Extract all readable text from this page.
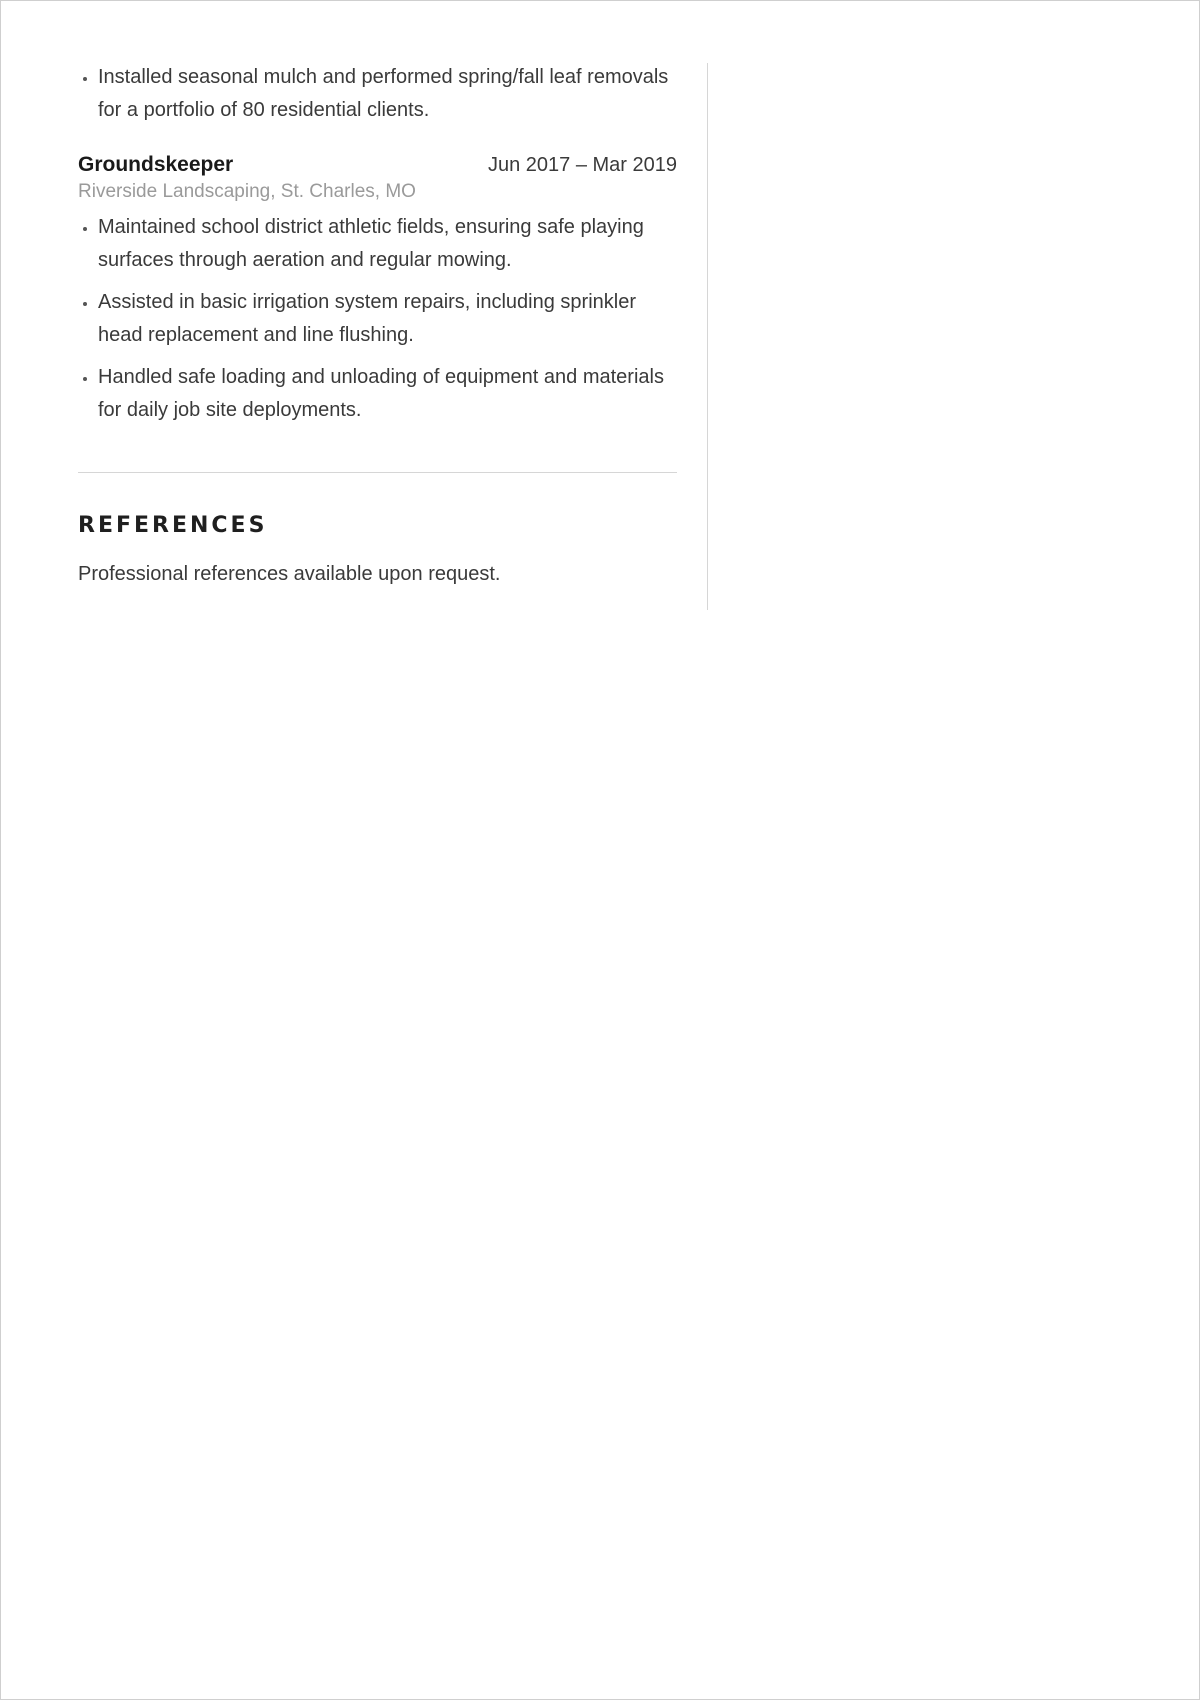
• Installed seasonal mulch and performed spring/fall leaf removals for a portfolio of 80 residential clients.
Groundskeeper	Jun 2017 – Mar 2019
Riverside Landscaping, St. Charles, MO
• Maintained school district athletic fields, ensuring safe playing surfaces through aeration and regular mowing.
• Assisted in basic irrigation system repairs, including sprinkler head replacement and line flushing.
• Handled safe loading and unloading of equipment and materials for daily job site deployments.
REFERENCES
Professional references available upon request.
